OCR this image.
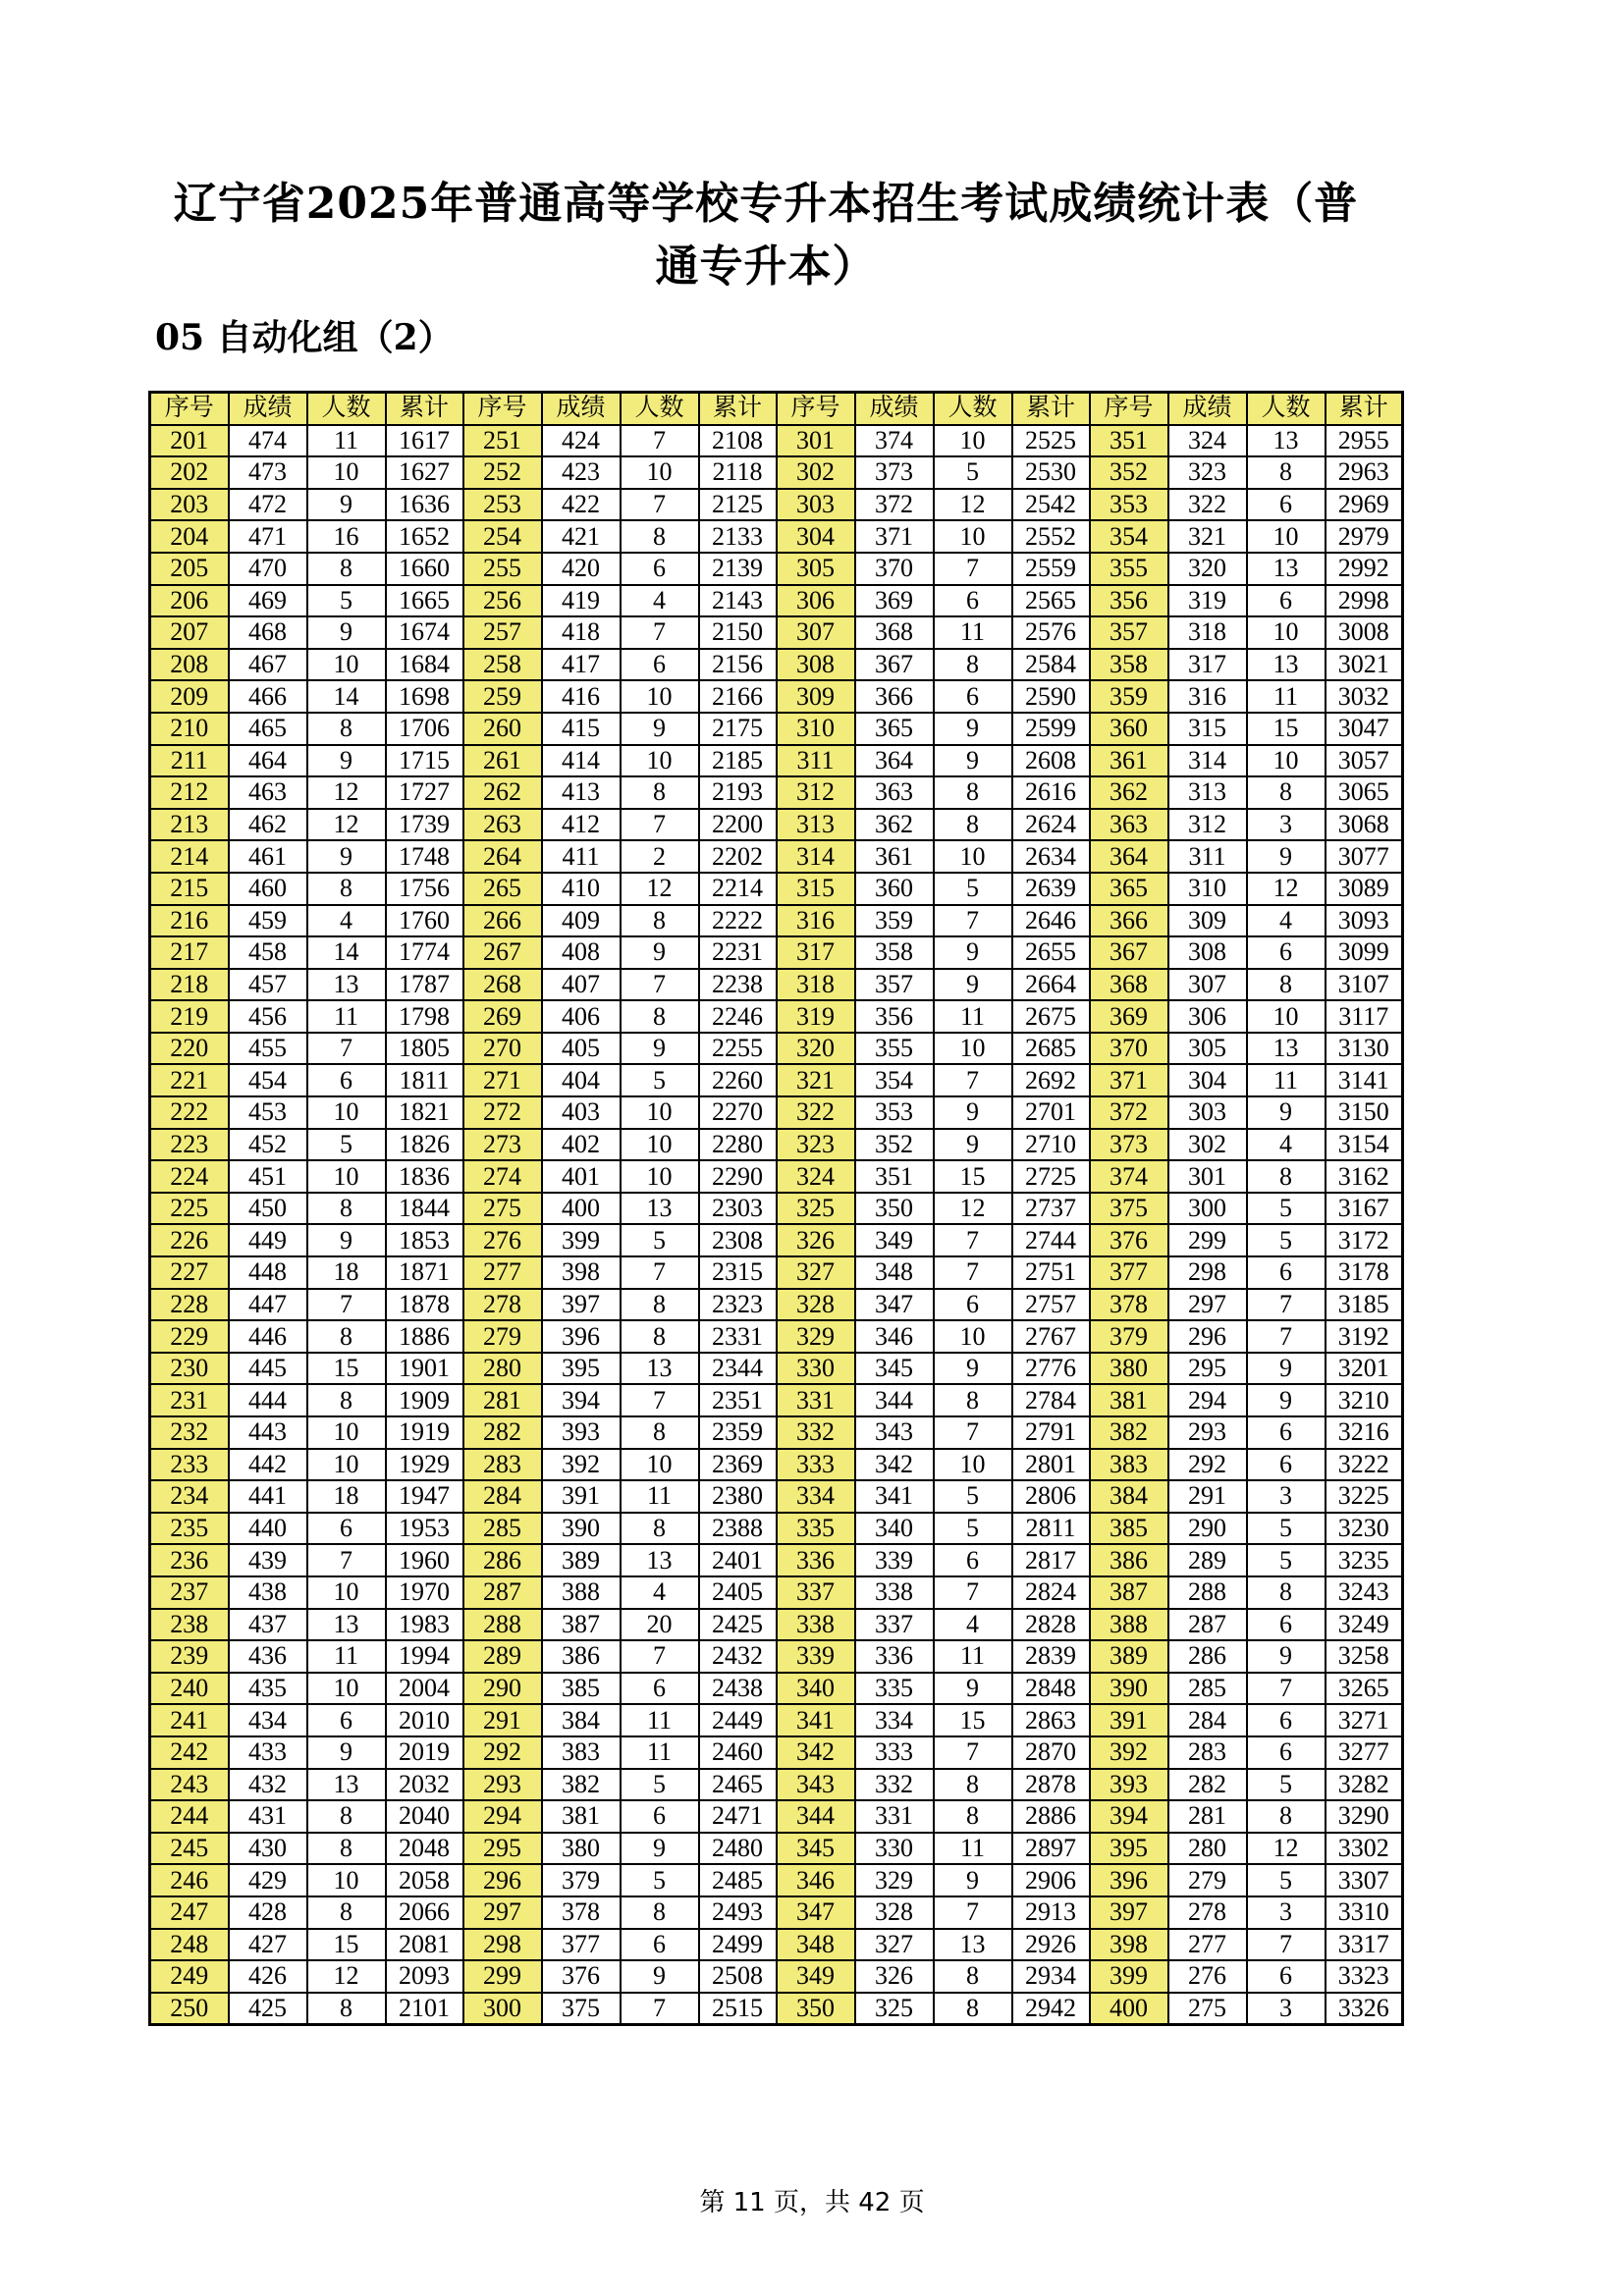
辽宁省2025年普通高等学校专升本招生考试成绩统计表（普通专升本）
05 自动化组（2）
序号	成绩	人数	累计	序号	成绩	人数	累计	序号	成绩	人数	累计	序号	成绩	人数	累计
201	474	11	1617	251	424	7	2108	301	374	10	2525	351	324	13	2955
202	473	10	1627	252	423	10	2118	302	373	5	2530	352	323	8	2963
203	472	9	1636	253	422	7	2125	303	372	12	2542	353	322	6	2969
204	471	16	1652	254	421	8	2133	304	371	10	2552	354	321	10	2979
205	470	8	1660	255	420	6	2139	305	370	7	2559	355	320	13	2992
206	469	5	1665	256	419	4	2143	306	369	6	2565	356	319	6	2998
207	468	9	1674	257	418	7	2150	307	368	11	2576	357	318	10	3008
208	467	10	1684	258	417	6	2156	308	367	8	2584	358	317	13	3021
209	466	14	1698	259	416	10	2166	309	366	6	2590	359	316	11	3032
210	465	8	1706	260	415	9	2175	310	365	9	2599	360	315	15	3047
211	464	9	1715	261	414	10	2185	311	364	9	2608	361	314	10	3057
212	463	12	1727	262	413	8	2193	312	363	8	2616	362	313	8	3065
213	462	12	1739	263	412	7	2200	313	362	8	2624	363	312	3	3068
214	461	9	1748	264	411	2	2202	314	361	10	2634	364	311	9	3077
215	460	8	1756	265	410	12	2214	315	360	5	2639	365	310	12	3089
216	459	4	1760	266	409	8	2222	316	359	7	2646	366	309	4	3093
217	458	14	1774	267	408	9	2231	317	358	9	2655	367	308	6	3099
218	457	13	1787	268	407	7	2238	318	357	9	2664	368	307	8	3107
219	456	11	1798	269	406	8	2246	319	356	11	2675	369	306	10	3117
220	455	7	1805	270	405	9	2255	320	355	10	2685	370	305	13	3130
221	454	6	1811	271	404	5	2260	321	354	7	2692	371	304	11	3141
222	453	10	1821	272	403	10	2270	322	353	9	2701	372	303	9	3150
223	452	5	1826	273	402	10	2280	323	352	9	2710	373	302	4	3154
224	451	10	1836	274	401	10	2290	324	351	15	2725	374	301	8	3162
225	450	8	1844	275	400	13	2303	325	350	12	2737	375	300	5	3167
226	449	9	1853	276	399	5	2308	326	349	7	2744	376	299	5	3172
227	448	18	1871	277	398	7	2315	327	348	7	2751	377	298	6	3178
228	447	7	1878	278	397	8	2323	328	347	6	2757	378	297	7	3185
229	446	8	1886	279	396	8	2331	329	346	10	2767	379	296	7	3192
230	445	15	1901	280	395	13	2344	330	345	9	2776	380	295	9	3201
231	444	8	1909	281	394	7	2351	331	344	8	2784	381	294	9	3210
232	443	10	1919	282	393	8	2359	332	343	7	2791	382	293	6	3216
233	442	10	1929	283	392	10	2369	333	342	10	2801	383	292	6	3222
234	441	18	1947	284	391	11	2380	334	341	5	2806	384	291	3	3225
235	440	6	1953	285	390	8	2388	335	340	5	2811	385	290	5	3230
236	439	7	1960	286	389	13	2401	336	339	6	2817	386	289	5	3235
237	438	10	1970	287	388	4	2405	337	338	7	2824	387	288	8	3243
238	437	13	1983	288	387	20	2425	338	337	4	2828	388	287	6	3249
239	436	11	1994	289	386	7	2432	339	336	11	2839	389	286	9	3258
240	435	10	2004	290	385	6	2438	340	335	9	2848	390	285	7	3265
241	434	6	2010	291	384	11	2449	341	334	15	2863	391	284	6	3271
242	433	9	2019	292	383	11	2460	342	333	7	2870	392	283	6	3277
243	432	13	2032	293	382	5	2465	343	332	8	2878	393	282	5	3282
244	431	8	2040	294	381	6	2471	344	331	8	2886	394	281	8	3290
245	430	8	2048	295	380	9	2480	345	330	11	2897	395	280	12	3302
246	429	10	2058	296	379	5	2485	346	329	9	2906	396	279	5	3307
247	428	8	2066	297	378	8	2493	347	328	7	2913	397	278	3	3310
248	427	15	2081	298	377	6	2499	348	327	13	2926	398	277	7	3317
249	426	12	2093	299	376	9	2508	349	326	8	2934	399	276	6	3323
250	425	8	2101	300	375	7	2515	350	325	8	2942	400	275	3	3326
第 11 页，共 42 页
